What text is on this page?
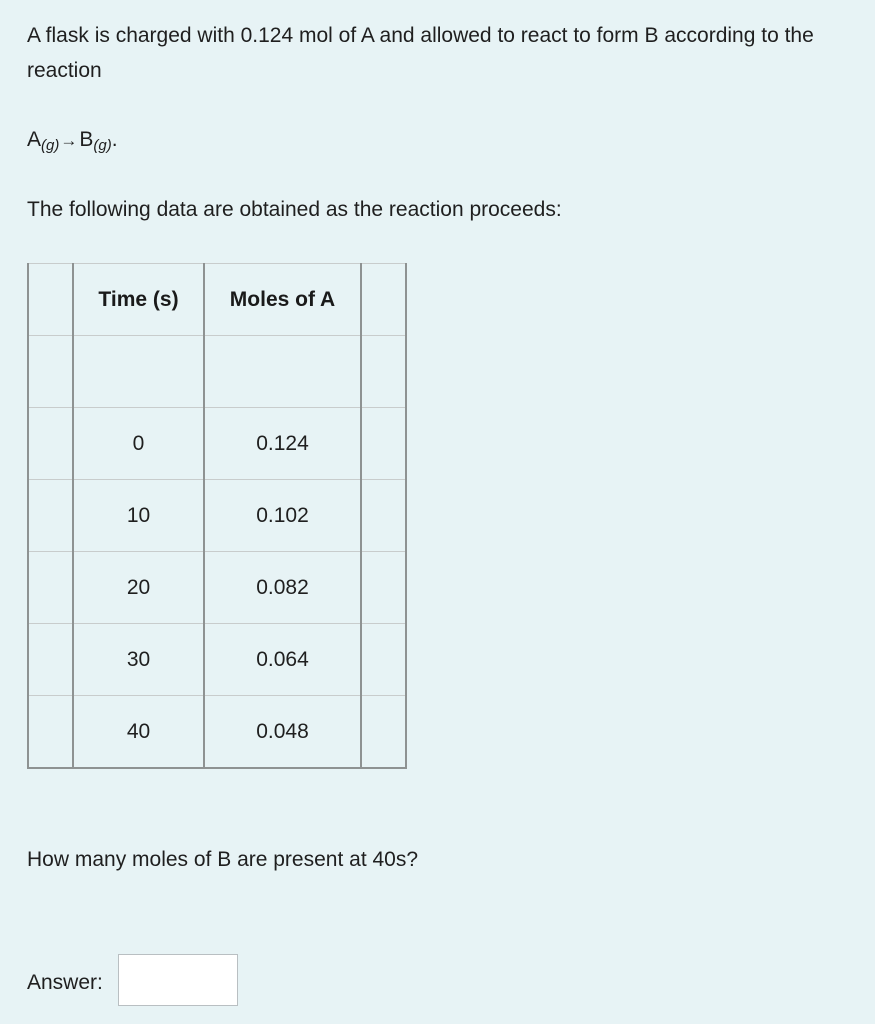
A flask is charged with 0.124 mol of A and allowed to react to form B according to the reaction
A(g)→B(g).
The following data are obtained as the reaction proceeds:
	Time (s)	Moles of A	

	0	0.124	
	10	0.102	
	20	0.082	
	30	0.064	
	40	0.048	
How many moles of B are present at 40s?
Answer:
